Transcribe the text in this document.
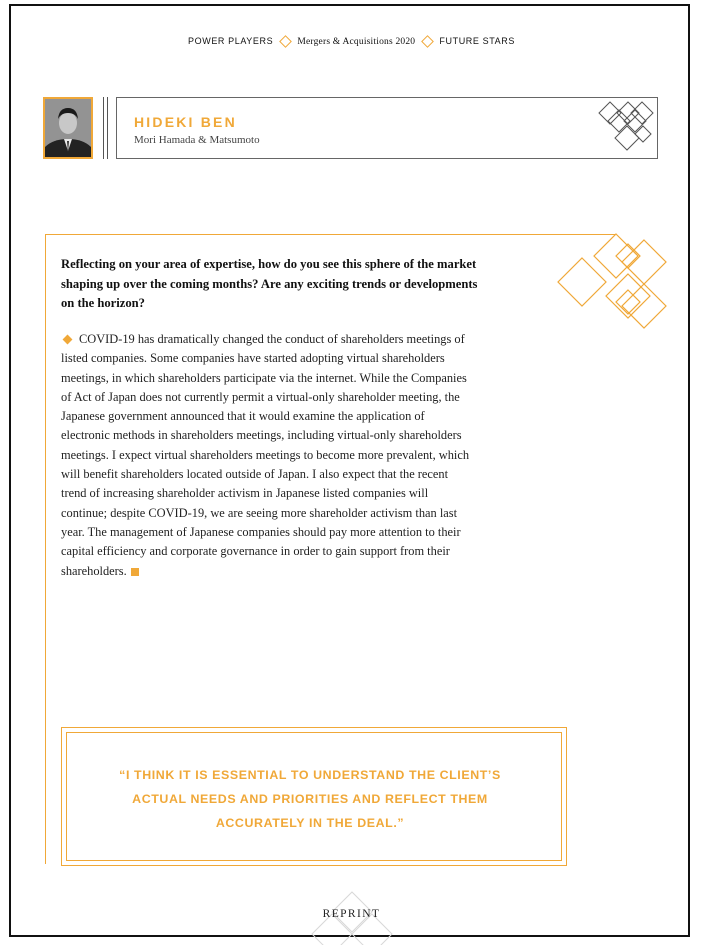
POWER PLAYERS	Mergers & Acquisitions 2020	FUTURE STARS
HIDEKI BEN
Mori Hamada & Matsumoto
Reflecting on your area of expertise, how do you see this sphere of the market shaping up over the coming months? Are any exciting trends or developments on the horizon?
COVID-19 has dramatically changed the conduct of shareholders meetings of listed companies. Some companies have started adopting virtual shareholders meetings, in which shareholders participate via the internet. While the Companies of Act of Japan does not currently permit a virtual-only shareholder meeting, the Japanese government announced that it would examine the application of electronic methods in shareholders meetings, including virtual-only shareholders meetings. I expect virtual shareholders meetings to become more prevalent, which will benefit shareholders located outside of Japan. I also expect that the recent trend of increasing shareholder activism in Japanese listed companies will continue; despite COVID-19, we are seeing more shareholder activism than last year. The management of Japanese companies should pay more attention to their capital efficiency and corporate governance in order to gain support from their shareholders.
“I THINK IT IS ESSENTIAL TO UNDERSTAND THE CLIENT’S ACTUAL NEEDS AND PRIORITIES AND REFLECT THEM ACCURATELY IN THE DEAL.”
REPRINT
